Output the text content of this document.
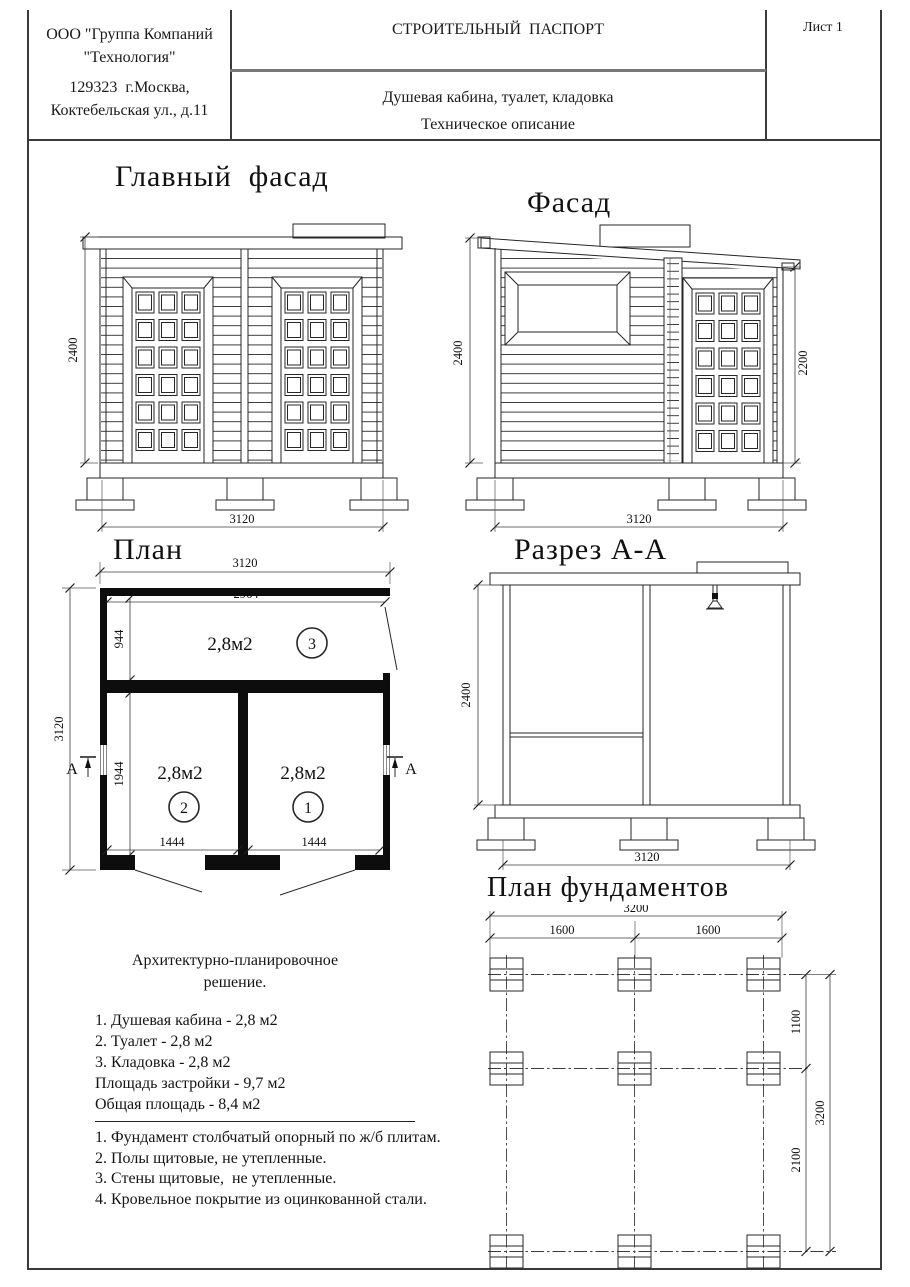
ООО "Группа Компаний
"Технология"
129323  г.Москва,
Коктебельская ул., д.11
СТРОИТЕЛЬНЫЙ  ПАСПОРТ
Душевая кабина, туалет, кладовка
Техническое описание
Лист 1
Главный  фасад
Фасад
План	Разрез А-А
План фундаментов
2400
3120
2400	2200
3120
3120
3120
944
1944
2,8м2	3
2,8м2
2
2,8м2
1
1444	1444
А	А
2400
3120
3200
1600	1600
1100
2100
3200
Архитектурно-планировочное
решение.
1. Душевая кабина - 2,8 м2
2. Туалет - 2,8 м2
3. Кладовка - 2,8 м2
Площадь застройки - 9,7 м2
Общая площадь - 8,4 м2
1. Фундамент столбчатый опорный по ж/б плитам.
2. Полы щитовые, не утепленные.
3. Стены щитовые,  не утепленные.
4. Кровельное покрытие из оцинкованной стали.
